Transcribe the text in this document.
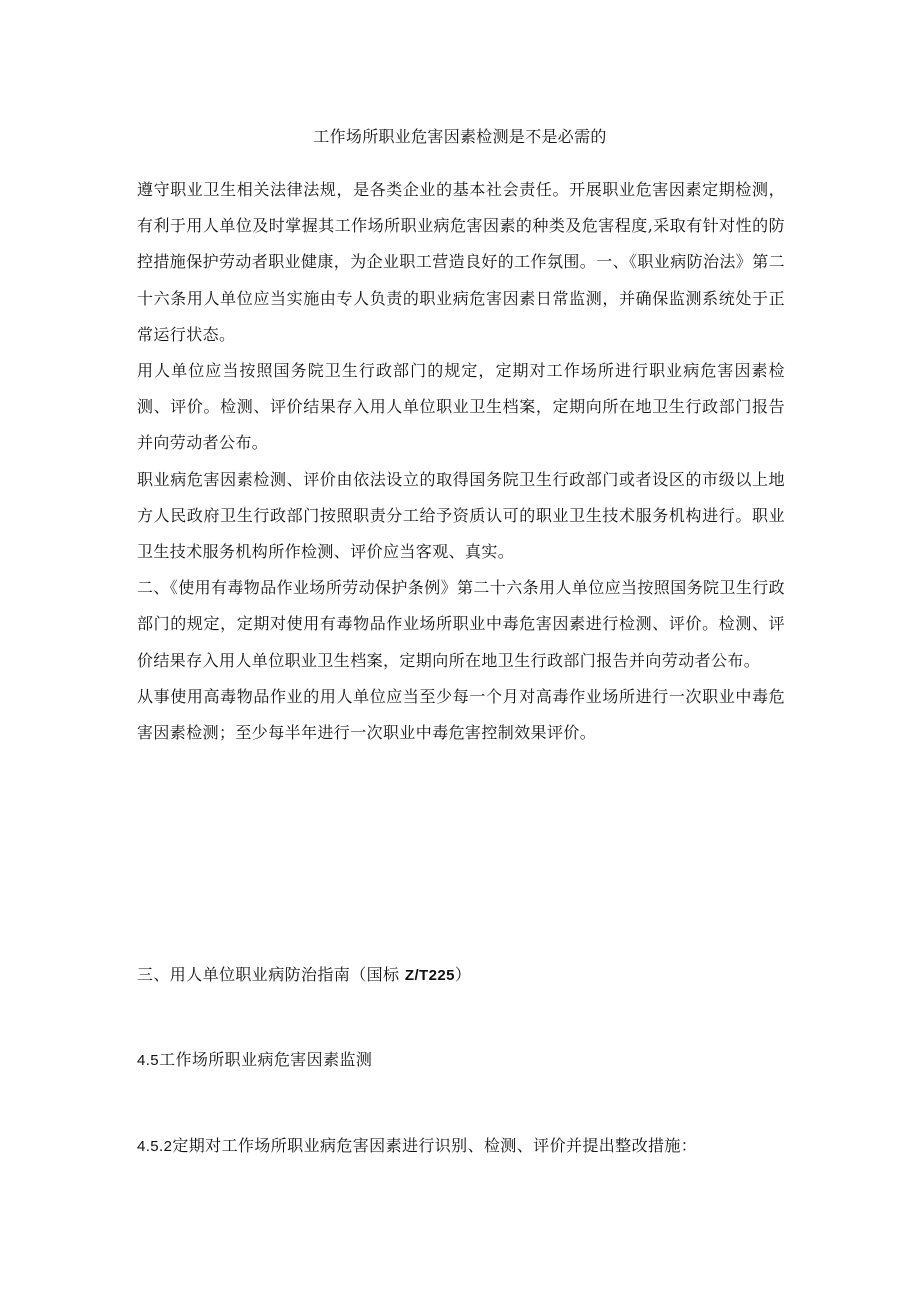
工作场所职业危害因素检测是不是必需的

遵守职业卫生相关法律法规，是各类企业的基本社会责任。开展职业危害因素定期检测，有利于用人单位及时掌握其工作场所职业病危害因素的种类及危害程度,采取有针对性的防控措施保护劳动者职业健康，为企业职工营造良好的工作氛围。一、《职业病防治法》第二十六条用人单位应当实施由专人负责的职业病危害因素日常监测，并确保监测系统处于正常运行状态。

用人单位应当按照国务院卫生行政部门的规定，定期对工作场所进行职业病危害因素检测、评价。检测、评价结果存入用人单位职业卫生档案，定期向所在地卫生行政部门报告并向劳动者公布。

职业病危害因素检测、评价由依法设立的取得国务院卫生行政部门或者设区的市级以上地方人民政府卫生行政部门按照职责分工给予资质认可的职业卫生技术服务机构进行。职业卫生技术服务机构所作检测、评价应当客观、真实。

二、《使用有毒物品作业场所劳动保护条例》第二十六条用人单位应当按照国务院卫生行政部门的规定，定期对使用有毒物品作业场所职业中毒危害因素进行检测、评价。检测、评价结果存入用人单位职业卫生档案，定期向所在地卫生行政部门报告并向劳动者公布。

从事使用高毒物品作业的用人单位应当至少每一个月对高毒作业场所进行一次职业中毒危害因素检测；至少每半年进行一次职业中毒危害控制效果评价。

三、用人单位职业病防治指南（国标 Z/T225）
4.5工作场所职业病危害因素监测
4.5.2定期对工作场所职业病危害因素进行识别、检测、评价并提出整改措施：
